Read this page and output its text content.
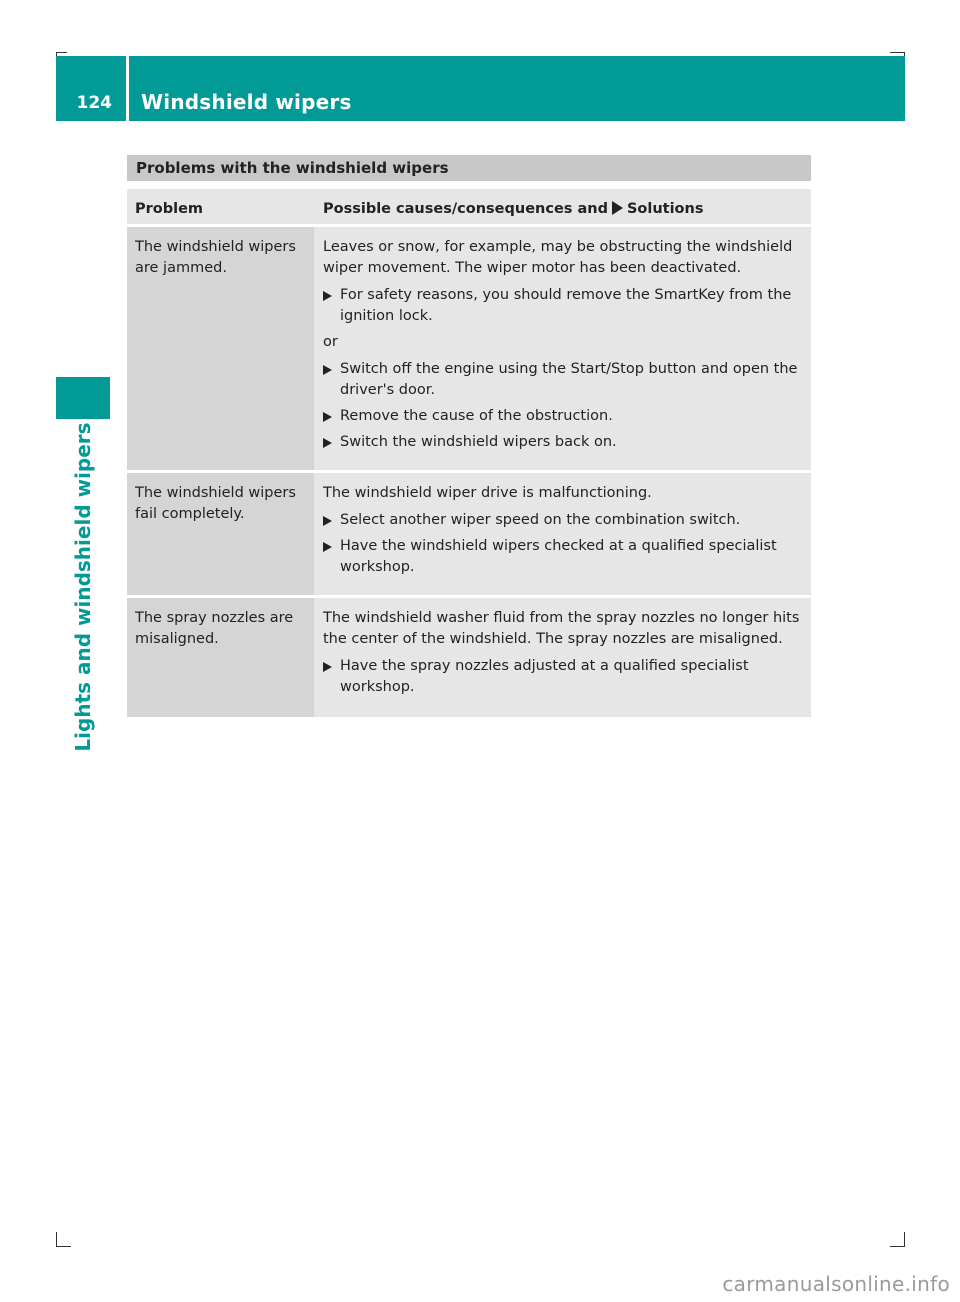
124	Windshield wipers
Lights and windshield wipers
Problems with the windshield wipers
Problem	Possible causes/consequences and Solutions
The windshield wipers are jammed.

Leaves or snow, for example, may be obstructing the windshield wiper movement. The wiper motor has been deactivated.

For safety reasons, you should remove the SmartKey from the ignition lock.

or

Switch off the engine using the Start/Stop button and open the driver's door.

Remove the cause of the obstruction.

Switch the windshield wipers back on.

The windshield wipers fail completely.

The windshield wiper drive is malfunctioning.

Select another wiper speed on the combination switch.

Have the windshield wipers checked at a qualified specialist workshop.

The spray nozzles are misaligned.

The windshield washer fluid from the spray nozzles no longer hits the center of the windshield. The spray nozzles are misaligned.

Have the spray nozzles adjusted at a qualified specialist workshop.

carmanualsonline.info
